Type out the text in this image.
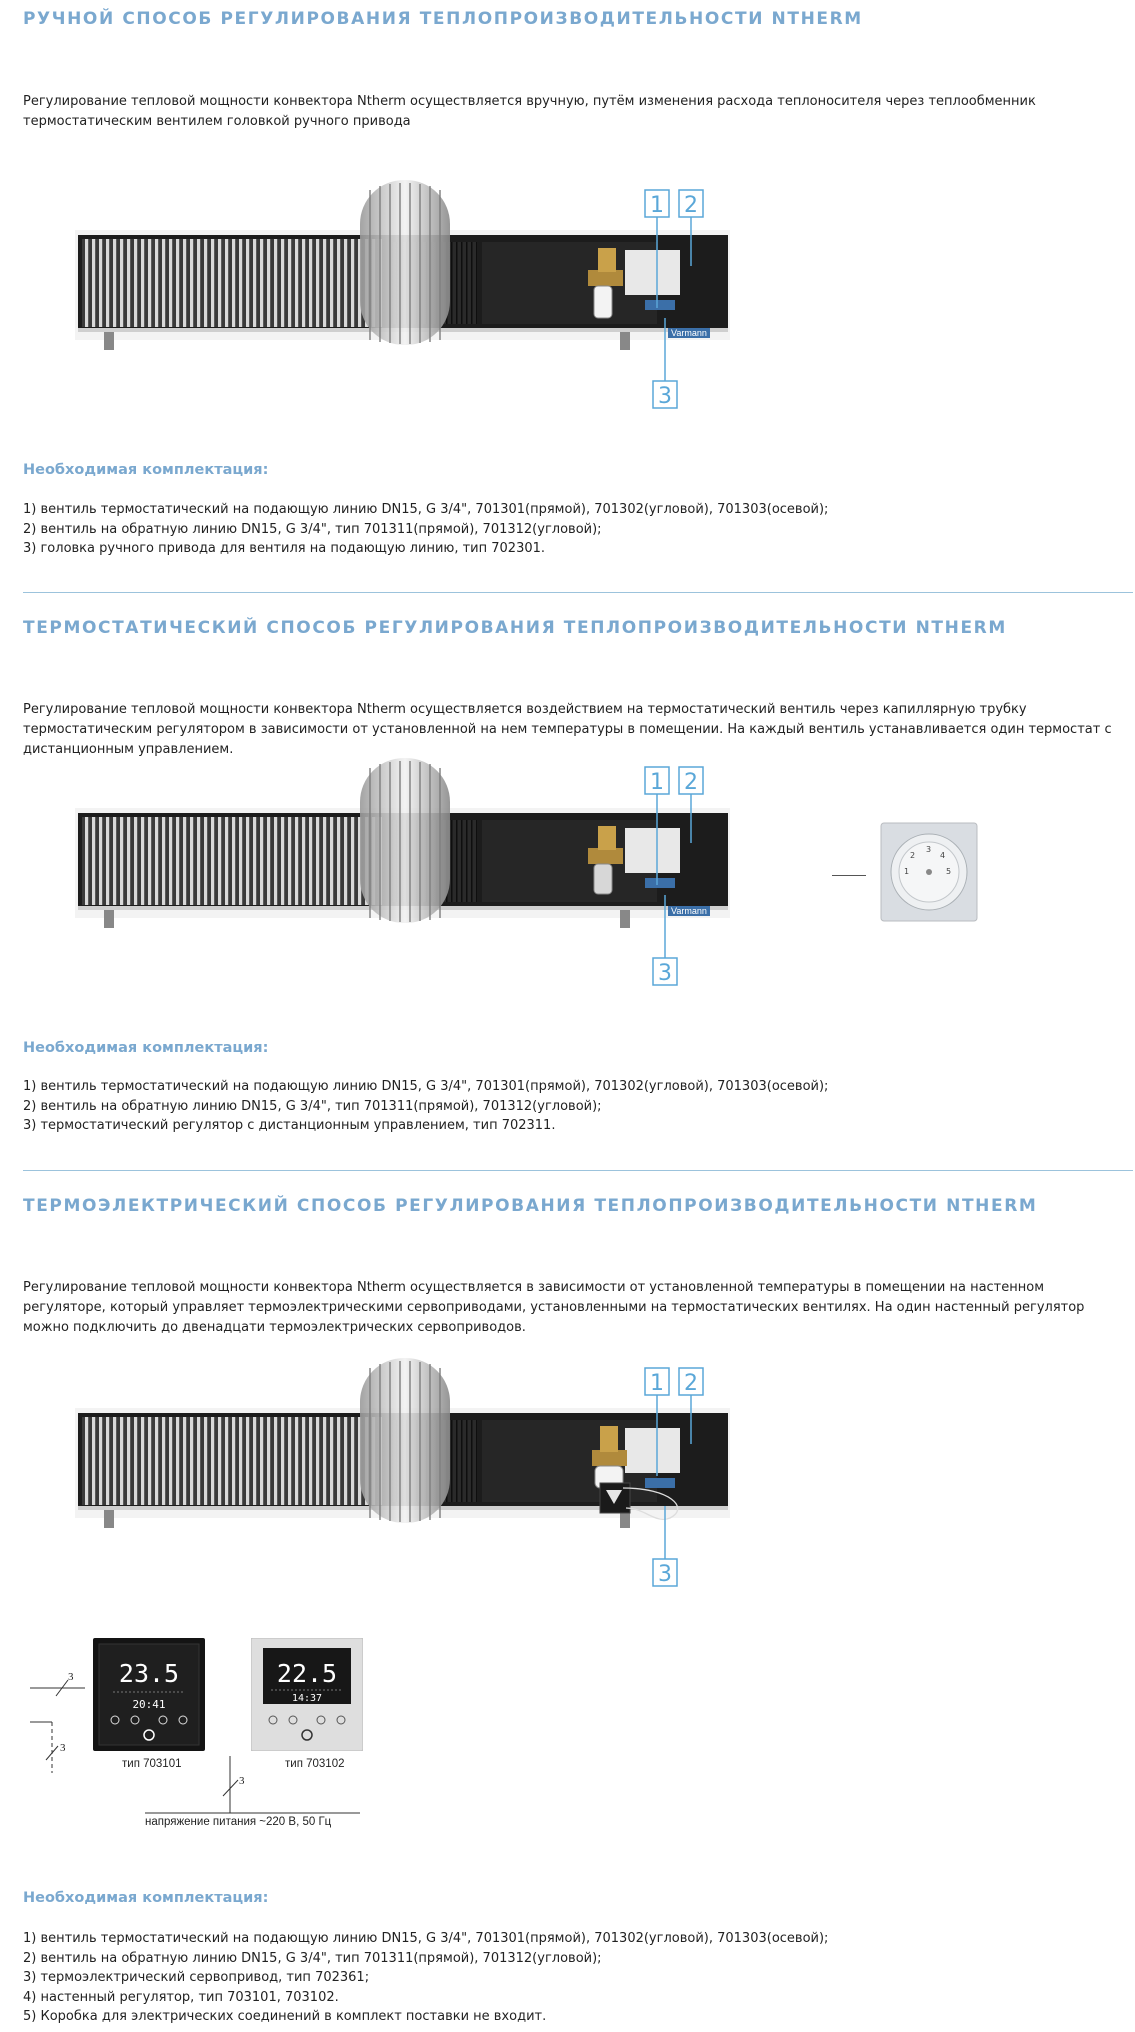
РУЧНОЙ СПОСОБ РЕГУЛИРОВАНИЯ ТЕПЛОПРОИЗВОДИТЕЛЬНОСТИ NTHERM

Регулирование тепловой мощности конвектора Ntherm осуществляется вручную, путём изменения расхода теплоносителя через теплообменник термостатическим вентилем головкой ручного привода

1 2
3
Varmann
Необходимая комплектация:
1) вентиль термостатический на подающую линию DN15, G 3/4", 701301(прямой), 701302(угловой), 701303(осевой);
2) вентиль на обратную линию DN15, G 3/4", тип 701311(прямой), 701312(угловой);
3) головка ручного привода для вентиля на подающую линию, тип 702301.
ТЕРМОСТАТИЧЕСКИЙ СПОСОБ РЕГУЛИРОВАНИЯ ТЕПЛОПРОИЗВОДИТЕЛЬНОСТИ NTHERM

Регулирование тепловой мощности конвектора Ntherm осуществляется воздействием на термостатический вентиль через капиллярную трубку термостатическим регулятором в зависимости от установленной на нем температуры в помещении. На каждый вентиль устанавливается один термостат с дистанционным управлением.

1 2
3
Varmann
2
3
4
5
1
Необходимая комплектация:
1) вентиль термостатический на подающую линию DN15, G 3/4", 701301(прямой), 701302(угловой), 701303(осевой);
2) вентиль на обратную линию DN15, G 3/4", тип 701311(прямой), 701312(угловой);
3) термостатический регулятор с дистанционным управлением, тип 702311.
ТЕРМОЭЛЕКТРИЧЕСКИЙ СПОСОБ РЕГУЛИРОВАНИЯ ТЕПЛОПРОИЗВОДИТЕЛЬНОСТИ NTHERM

Регулирование тепловой мощности конвектора Ntherm осуществляется в зависимости от установленной температуры в помещении на настенном регуляторе, который управляет термоэлектрическими сервоприводами, установленными на термостатических вентилях. На один настенный регулятор можно подключить до двенадцати термоэлектрических сервоприводов.

1 2
3
23.5
20:41
тип 703101
22.5
14:37
тип 703102
3
3
3
напряжение питания ~220 В, 50 Гц
Необходимая комплектация:
1) вентиль термостатический на подающую линию DN15, G 3/4", 701301(прямой), 701302(угловой), 701303(осевой);
2) вентиль на обратную линию DN15, G 3/4", тип 701311(прямой), 701312(угловой);
3) термоэлектрический сервопривод, тип 702361;
4) настенный регулятор, тип 703101, 703102.
5) Коробка для электрических соединений в комплект поставки не входит.
